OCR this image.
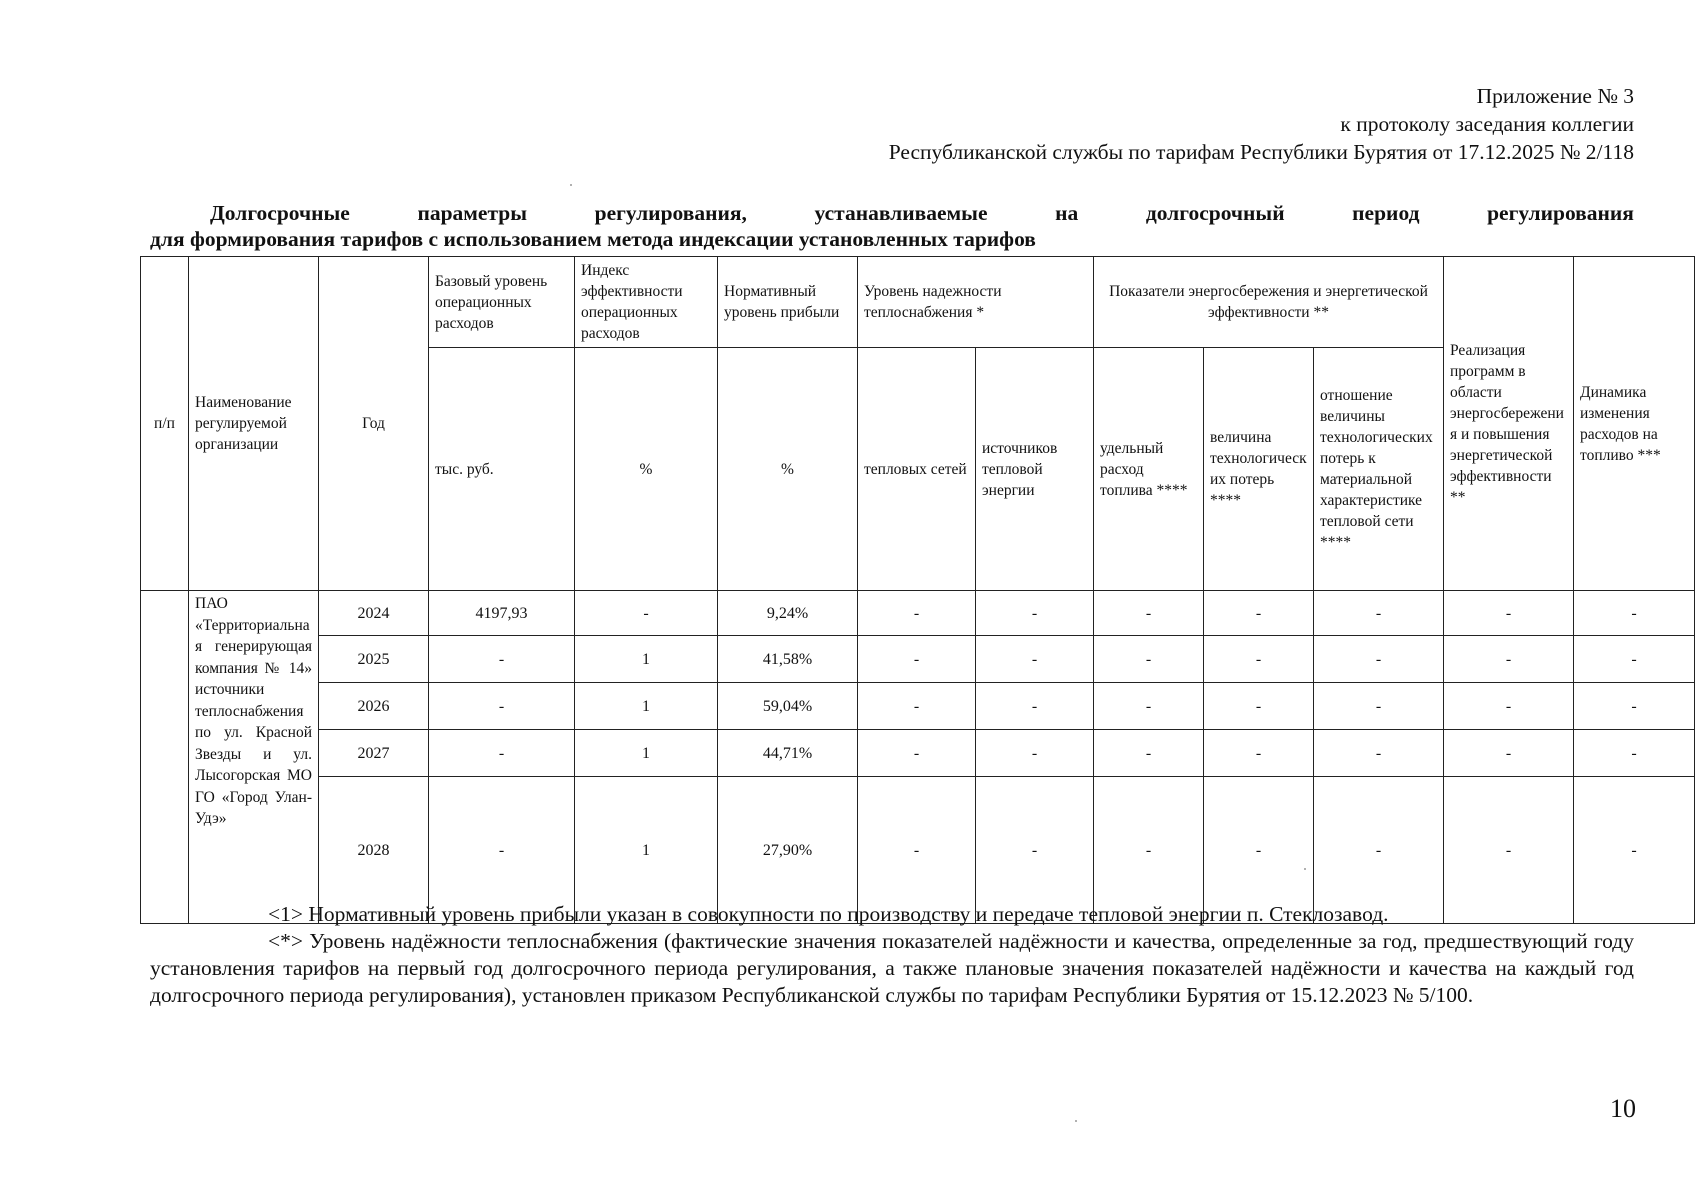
Приложение № 3
к протоколу заседания коллегии
Республиканской службы по тарифам Республики Бурятия от 17.12.2025 № 2/118
Долгосрочные	параметры	регулирования,	устанавливаемые	на	долгосрочный	период	регулирования
для формирования тарифов с использованием метода индексации установленных тарифов
п/п	Наименование регулируемой организации	Год	Базовый уровень операционных расходов	Индекс эффективности операционных расходов	Нормативный уровень прибыли	Уровень надежности теплоснабжения *		Показатели энергосбережения и энергетической эффективности **			Реализация программ в области энергосбережения и повышения энергетической эффективности **	Динамика изменения расходов на топливо ***
			тыс. руб.	%	%	тепловых сетей	источников тепловой энергии	удельный расход топлива ****	величина технологических потерь ****	отношение величины технологических потерь к материальной характеристике тепловой сети ****		
	ПАО «Территориальная генерирующая компания № 14» источники теплоснабжения по ул. Красной Звезды и ул. Лысогорская МО ГО «Город Улан-Удэ»	2024	4197,93	-	9,24%	-	-	-	-	-	-	-
		2025	-	1	41,58%	-	-	-	-	-	-	-
		2026	-	1	59,04%	-	-	-	-	-	-	-
		2027	-	1	44,71%	-	-	-	-	-	-	-
		2028	-	1	27,90%	-	-	-	-	-	-	-

<1> Нормативный уровень прибыли указан в совокупности по производству и передаче тепловой энергии п. Стеклозавод.

<*> Уровень надёжности теплоснабжения (фактические значения показателей надёжности и качества, определенные за год, предшествующий году установления тарифов на первый год долгосрочного периода регулирования, а также плановые значения показателей надёжности и качества на каждый год долгосрочного периода регулирования), установлен приказом Республиканской службы по тарифам Республики Бурятия от 15.12.2023 № 5/100.

10
